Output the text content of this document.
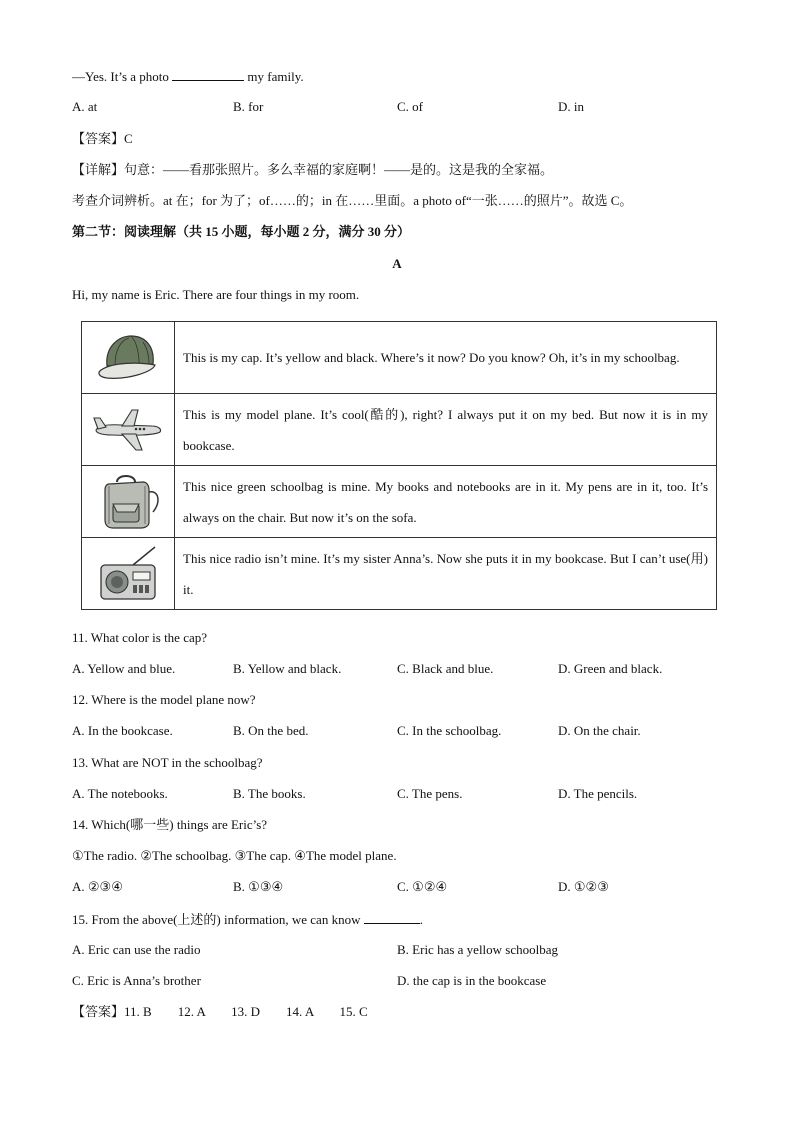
—Yes. It’s a photo	my family.
A. at	B. for	C. of	D. in
【答案】C
【详解】句意：——看那张照片。多么幸福的家庭啊！——是的。这是我的全家福。
考查介词辨析。at 在；for 为了；of……的；in 在……里面。a photo of“一张……的照片”。故选 C。
第二节：阅读理解（共 15 小题，每小题 2 分，满分 30 分）
A
Hi, my name is Eric. There are four things in my room.
	This is my cap. It’s yellow and black. Where’s it now? Do you know? Oh, it’s in my schoolbag.

	This is my model plane. It’s cool(酷的), right? I always put it on my bed. But now it is in my bookcase.

	This nice green schoolbag is mine. My books and notebooks are in it. My pens are in it, too. It’s always on the chair. But now it’s on the sofa.

	This nice radio isn’t mine. It’s my sister Anna’s. Now she puts it in my bookcase. But I can’t use(用) it.
11. What color is the cap?
A. Yellow and blue.	B. Yellow and black.	C. Black and blue.	D. Green and black.
12. Where is the model plane now?
A. In the bookcase.	B. On the bed.	C. In the schoolbag.	D. On the chair.
13. What are NOT in the schoolbag?
A. The notebooks.	B. The books.	C. The pens.	D. The pencils.
14. Which(哪一些) things are Eric’s?
①The radio. ②The schoolbag. ③The cap. ④The model plane.
A. ②③④	B. ①③④	C. ①②④	D. ①②③
15. From the above(上述的) information, we can know	.
A. Eric can use the radio	B. Eric has a yellow schoolbag
C. Eric is Anna’s brother	D. the cap is in the bookcase
【答案】11. B        12. A        13. D        14. A        15. C
